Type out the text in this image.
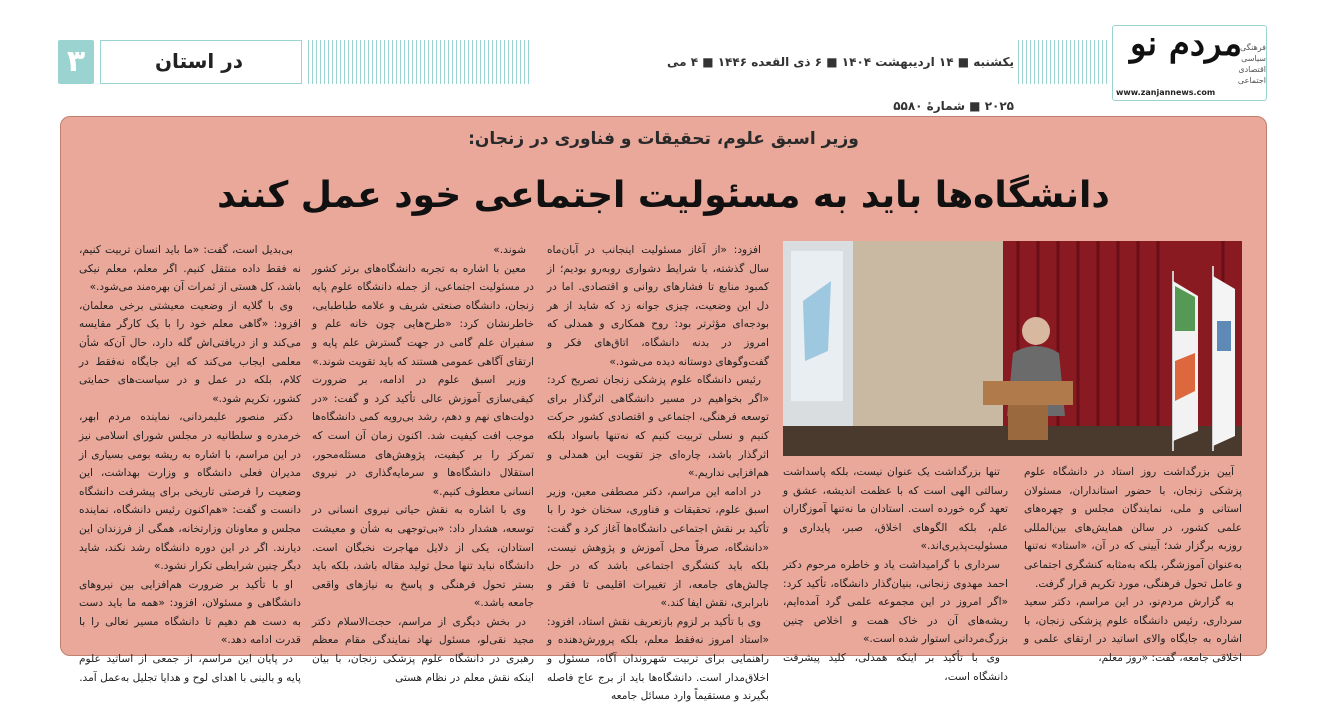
۳	در استان	یکشنبه ■ ۱۴ اردیبهشت ۱۴۰۴ ■ ۶ ذی القعده ۱۴۴۶ ■ ۴ می ۲۰۲۵ ■ شمارهٔ ۵۵۸۰
مردم نو
فرهنگی
سیاسی
اقتصادی
اجتماعی
www.zanjannews.com
وزیر اسبق علوم، تحقیقات و فناوری در زنجان:
دانشگاه‌ها باید به مسئولیت اجتماعی خود عمل کنند
آیین بزرگداشت روز استاد در دانشگاه علوم پزشکی زنجان، با حضور استانداران، مسئولان استانی و ملی، نمایندگان مجلس و چهره‌های علمی کشور، در سالن همایش‌های بین‌المللی روزبه برگزار شد؛ آیینی که در آن، «استاد» نه‌تنها به‌عنوان آموزشگر، بلکه به‌مثابه کنشگری اجتماعی و عامل تحول فرهنگی، مورد تکریم قرار گرفت.
به گزارش مردم‌نو، در این مراسم، دکتر سعید سرداری، رئیس دانشگاه علوم پزشکی زنجان، با اشاره به جایگاه والای اساتید در ارتقای علمی و اخلاقی جامعه، گفت: «روز معلم،
تنها بزرگداشت یک عنوان نیست، بلکه پاسداشت رسالتی الهی است که با عظمت اندیشه، عشق و تعهد گره خورده است. استادان ما نه‌تنها آموزگاران علم، بلکه الگوهای اخلاق، صبر، پایداری و مسئولیت‌پذیری‌اند.»
سرداری با گرامیداشت یاد و خاطره مرحوم دکتر احمد مهدوی زنجانی، بنیان‌گذار دانشگاه، تأکید کرد: «اگر امروز در این مجموعه علمی گرد آمده‌ایم، ریشه‌های آن در خاک همت و اخلاص چنین بزرگ‌مردانی استوار شده است.»
وی با تأکید بر اینکه همدلی، کلید پیشرفت دانشگاه است،
افزود: «از آغاز مسئولیت اینجانب در آبان‌ماه سال گذشته، با شرایط دشواری روبه‌رو بودیم؛ از کمبود منابع تا فشارهای روانی و اقتصادی. اما در دل این وضعیت، چیزی جوانه زد که شاید از هر بودجه‌ای مؤثرتر بود: روح همکاری و همدلی که امروز در بدنه دانشگاه، اتاق‌های فکر و گفت‌وگوهای دوستانه دیده می‌شود.»
رئیس دانشگاه علوم پزشکی زنجان تصریح کرد: «اگر بخواهیم در مسیر دانشگاهی اثرگذار برای توسعه فرهنگی، اجتماعی و اقتصادی کشور حرکت کنیم و نسلی تربیت کنیم که نه‌تنها باسواد بلکه اثرگذار باشد، چاره‌ای جز تقویت این همدلی و هم‌افزایی نداریم.»
در ادامه این مراسم، دکتر مصطفی معین، وزیر اسبق علوم، تحقیقات و فناوری، سخنان خود را با تأکید بر نقش اجتماعی دانشگاه‌ها آغاز کرد و گفت: «دانشگاه، صرفاً محل آموزش و پژوهش نیست، بلکه باید کنشگری اجتماعی باشد که در حل چالش‌های جامعه، از تغییرات اقلیمی تا فقر و نابرابری، نقش ایفا کند.»
وی با تأکید بر لزوم بازتعریف نقش استاد، افزود: «استاد امروز نه‌فقط معلم، بلکه پرورش‌دهنده و راهنمایی برای تربیت شهروندان آگاه، مسئول و اخلاق‌مدار است. دانشگاه‌ها باید از برج عاج فاصله بگیرند و مستقیماً وارد مسائل جامعه
شوند.»
معین با اشاره به تجربه دانشگاه‌های برتر کشور در مسئولیت اجتماعی، از جمله دانشگاه علوم پایه زنجان، دانشگاه صنعتی شریف و علامه طباطبایی، خاطرنشان کرد: «طرح‌هایی چون خانه علم و سفیران علم گامی در جهت گسترش علم پایه و ارتقای آگاهی عمومی هستند که باید تقویت شوند.»
وزیر اسبق علوم در ادامه، بر ضرورت کیفی‌سازی آموزش عالی تأکید کرد و گفت: «در دولت‌های نهم و دهم، رشد بی‌رویه کمی دانشگاه‌ها موجب افت کیفیت شد. اکنون زمان آن است که تمرکز را بر کیفیت، پژوهش‌های مسئله‌محور، استقلال دانشگاه‌ها و سرمایه‌گذاری در نیروی انسانی معطوف کنیم.»
وی با اشاره به نقش حیاتی نیروی انسانی در توسعه، هشدار داد: «بی‌توجهی به شأن و معیشت استادان، یکی از دلایل مهاجرت نخبگان است. دانشگاه نباید تنها محل تولید مقاله باشد، بلکه باید بستر تحول فرهنگی و پاسخ به نیازهای واقعی جامعه باشد.»
در بخش دیگری از مراسم، حجت‌الاسلام دکتر مجید نقی‌لو، مسئول نهاد نمایندگی مقام معظم رهبری در دانشگاه علوم پزشکی زنجان، با بیان اینکه نقش معلم در نظام هستی
بی‌بدیل است، گفت: «ما باید انسان تربیت کنیم، نه فقط داده منتقل کنیم. اگر معلم، معلم نیکی باشد، کل هستی از ثمرات آن بهره‌مند می‌شود.»
وی با گلایه از وضعیت معیشتی برخی معلمان، افزود: «گاهی معلم خود را با یک کارگر مقایسه می‌کند و از دریافتی‌اش گله دارد، حال آن‌که شأن معلمی ایجاب می‌کند که این جایگاه نه‌فقط در کلام، بلکه در عمل و در سیاست‌های حمایتی کشور، تکریم شود.»
دکتر منصور علیمردانی، نماینده مردم ابهر، خرمدره و سلطانیه در مجلس شورای اسلامی نیز در این مراسم، با اشاره به ریشه بومی بسیاری از مدیران فعلی دانشگاه و وزارت بهداشت، این وضعیت را فرصتی تاریخی برای پیشرفت دانشگاه دانست و گفت: «هم‌اکنون رئیس دانشگاه، نماینده مجلس و معاونان وزارتخانه، همگی از فرزندان این دیارند. اگر در این دوره دانشگاه رشد نکند، شاید دیگر چنین شرایطی تکرار نشود.»
او با تأکید بر ضرورت هم‌افزایی بین نیروهای دانشگاهی و مسئولان، افزود: «همه ما باید دست به دست هم دهیم تا دانشگاه مسیر تعالی را با قدرت ادامه دهد.»
در پایان این مراسم، از جمعی از اساتید علوم پایه و بالینی با اهدای لوح و هدایا تجلیل به‌عمل آمد.
